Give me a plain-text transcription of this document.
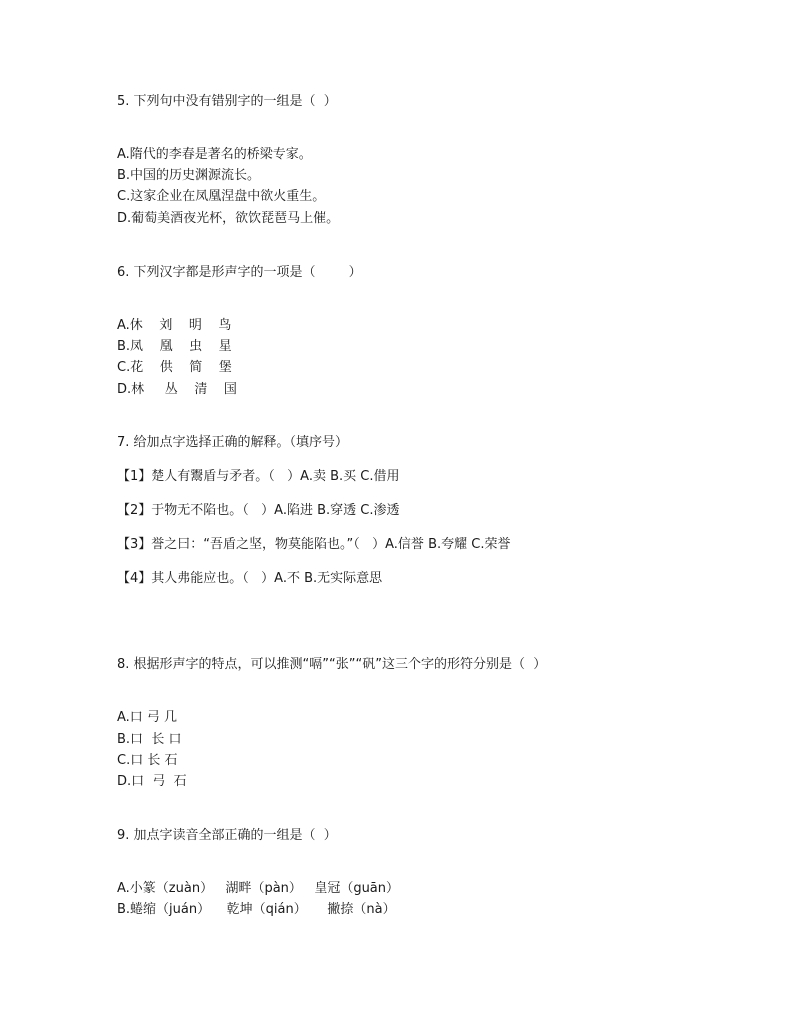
5. 下列句中没有错别字的一组是（  ）
A.隋代的李春是著名的桥梁专家。
B.中国的历史渊源流长。
C.这家企业在凤凰涅盘中欲火重生。
D.葡萄美酒夜光杯，欲饮琵琶马上催。
6. 下列汉字都是形声字的一项是（        ）
A.休    刘    明    鸟
B.凤    凰    虫    星
C.花    供    简    堡
D.林     丛    清    国
7. 给加点字选择正确的解释。（填序号）
【1】楚人有鬻盾与矛者。（   ）A.卖 B.买 C.借用
【2】于物无不陷也。（   ）A.陷进 B.穿透 C.渗透
【3】誉之曰：“吾盾之坚，物莫能陷也。”（   ）A.信誉 B.夸耀 C.荣誉
【4】其人弗能应也。（   ）A.不 B.无实际意思
8. 根据形声字的特点，可以推测“嗝”“张”“矾”这三个字的形符分别是（  ）
A.口 弓 几
B.口  长 口
C.口 长 石
D.口  弓  石
9. 加点字读音全部正确的一组是（  ）
A.小篆（zuàn）   湖畔（pàn）   皇冠（guān）
B.蜷缩（juán）    乾坤（qián）     撇捺（nà）
